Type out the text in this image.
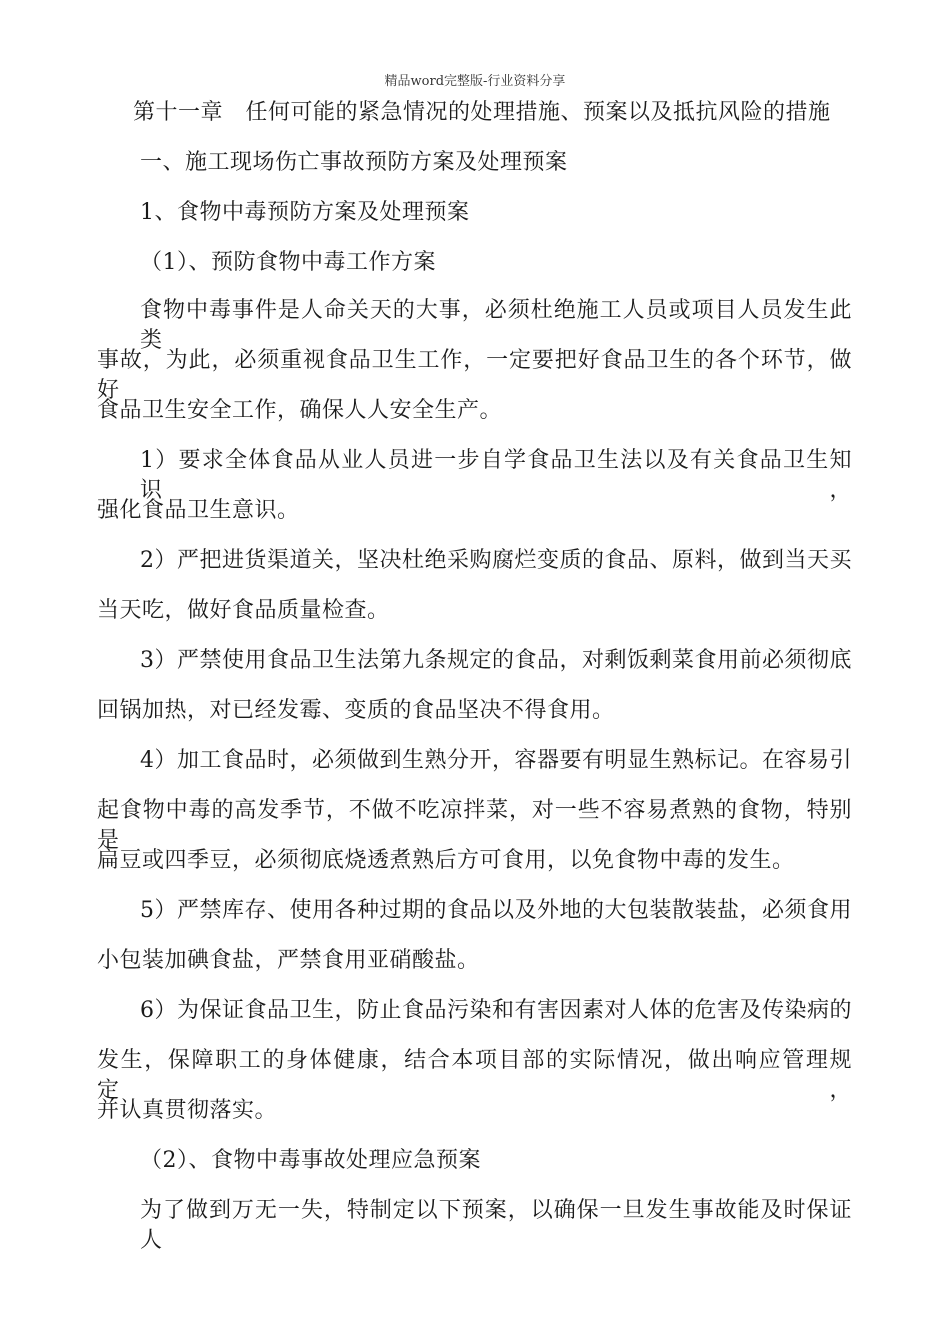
精品word完整版-行业资料分享
第十一章　任何可能的紧急情况的处理措施、预案以及抵抗风险的措施
一、施工现场伤亡事故预防方案及处理预案
1、食物中毒预防方案及处理预案
（1）、预防食物中毒工作方案
食物中毒事件是人命关天的大事，必须杜绝施工人员或项目人员发生此类
事故，为此，必须重视食品卫生工作，一定要把好食品卫生的各个环节，做好
食品卫生安全工作，确保人人安全生产。
1）要求全体食品从业人员进一步自学食品卫生法以及有关食品卫生知识，
强化食品卫生意识。
2）严把进货渠道关，坚决杜绝采购腐烂变质的食品、原料，做到当天买
当天吃，做好食品质量检查。
3）严禁使用食品卫生法第九条规定的食品，对剩饭剩菜食用前必须彻底
回锅加热，对已经发霉、变质的食品坚决不得食用。
4）加工食品时，必须做到生熟分开，容器要有明显生熟标记。在容易引
起食物中毒的高发季节，不做不吃凉拌菜，对一些不容易煮熟的食物，特别是
扁豆或四季豆，必须彻底烧透煮熟后方可食用，以免食物中毒的发生。
5）严禁库存、使用各种过期的食品以及外地的大包装散装盐，必须食用
小包装加碘食盐，严禁食用亚硝酸盐。
6）为保证食品卫生，防止食品污染和有害因素对人体的危害及传染病的
发生，保障职工的身体健康，结合本项目部的实际情况，做出响应管理规定，
并认真贯彻落实。
（2）、食物中毒事故处理应急预案
为了做到万无一失，特制定以下预案，以确保一旦发生事故能及时保证人
